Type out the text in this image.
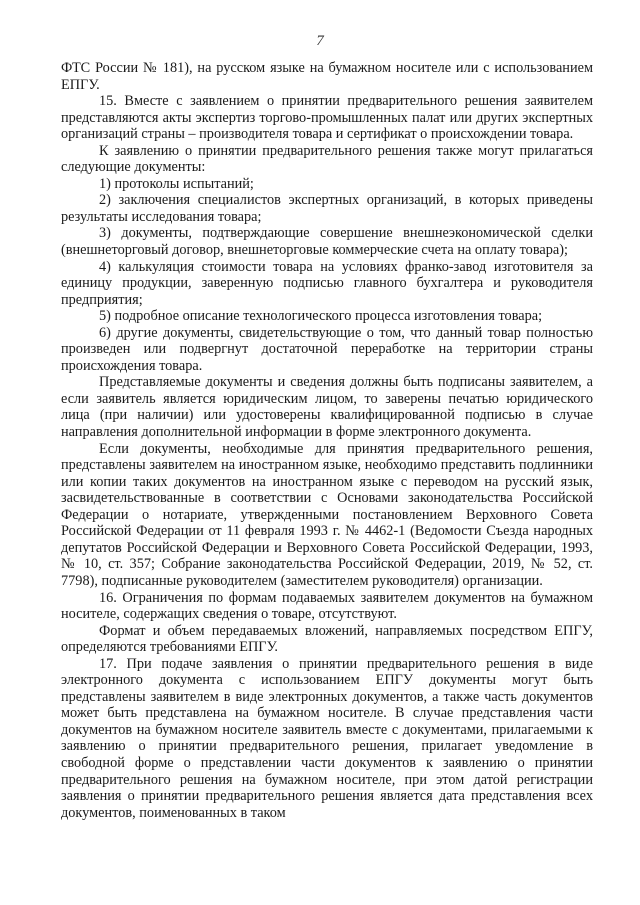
7

ФТС России № 181), на русском языке на бумажном носителе или с использованием ЕПГУ.

15. Вместе с заявлением о принятии предварительного решения заявителем представляются акты экспертиз торгово-промышленных палат или других экспертных организаций страны – производителя товара и сертификат о происхождении товара.

К заявлению о принятии предварительного решения также могут прилагаться следующие документы:

1) протоколы испытаний;

2) заключения специалистов экспертных организаций, в которых приведены результаты исследования товара;

3) документы, подтверждающие совершение внешнеэкономической сделки (внешнеторговый договор, внешнеторговые коммерческие счета на оплату товара);

4) калькуляция стоимости товара на условиях франко-завод изготовителя за единицу продукции, заверенную подписью главного бухгалтера и руководителя предприятия;

5) подробное описание технологического процесса изготовления товара;

6) другие документы, свидетельствующие о том, что данный товар полностью произведен или подвергнут достаточной переработке на территории страны происхождения товара.

Представляемые документы и сведения должны быть подписаны заявителем, а если заявитель является юридическим лицом, то заверены печатью юридического лица (при наличии) или удостоверены квалифицированной подписью в случае направления дополнительной информации в форме электронного документа.

Если документы, необходимые для принятия предварительного решения, представлены заявителем на иностранном языке, необходимо представить подлинники или копии таких документов на иностранном языке с переводом на русский язык, засвидетельствованные в соответствии с Основами законодательства Российской Федерации о нотариате, утвержденными постановлением Верховного Совета Российской Федерации от 11 февраля 1993 г. № 4462-1 (Ведомости Съезда народных депутатов Российской Федерации и Верховного Совета Российской Федерации, 1993, № 10, ст. 357; Собрание законодательства Российской Федерации, 2019, № 52, ст. 7798), подписанные руководителем (заместителем руководителя) организации.

16. Ограничения по формам подаваемых заявителем документов на бумажном носителе, содержащих сведения о товаре, отсутствуют.

Формат и объем передаваемых вложений, направляемых посредством ЕПГУ, определяются требованиями ЕПГУ.

17. При подаче заявления о принятии предварительного решения в виде электронного документа с использованием ЕПГУ документы могут быть представлены заявителем в виде электронных документов, а также часть документов может быть представлена на бумажном носителе. В случае представления части документов на бумажном носителе заявитель вместе с документами, прилагаемыми к заявлению о принятии предварительного решения, прилагает уведомление в свободной форме о представлении части документов к заявлению о принятии предварительного решения на бумажном носителе, при этом датой регистрации заявления о принятии предварительного решения является дата представления всех документов, поименованных в таком
